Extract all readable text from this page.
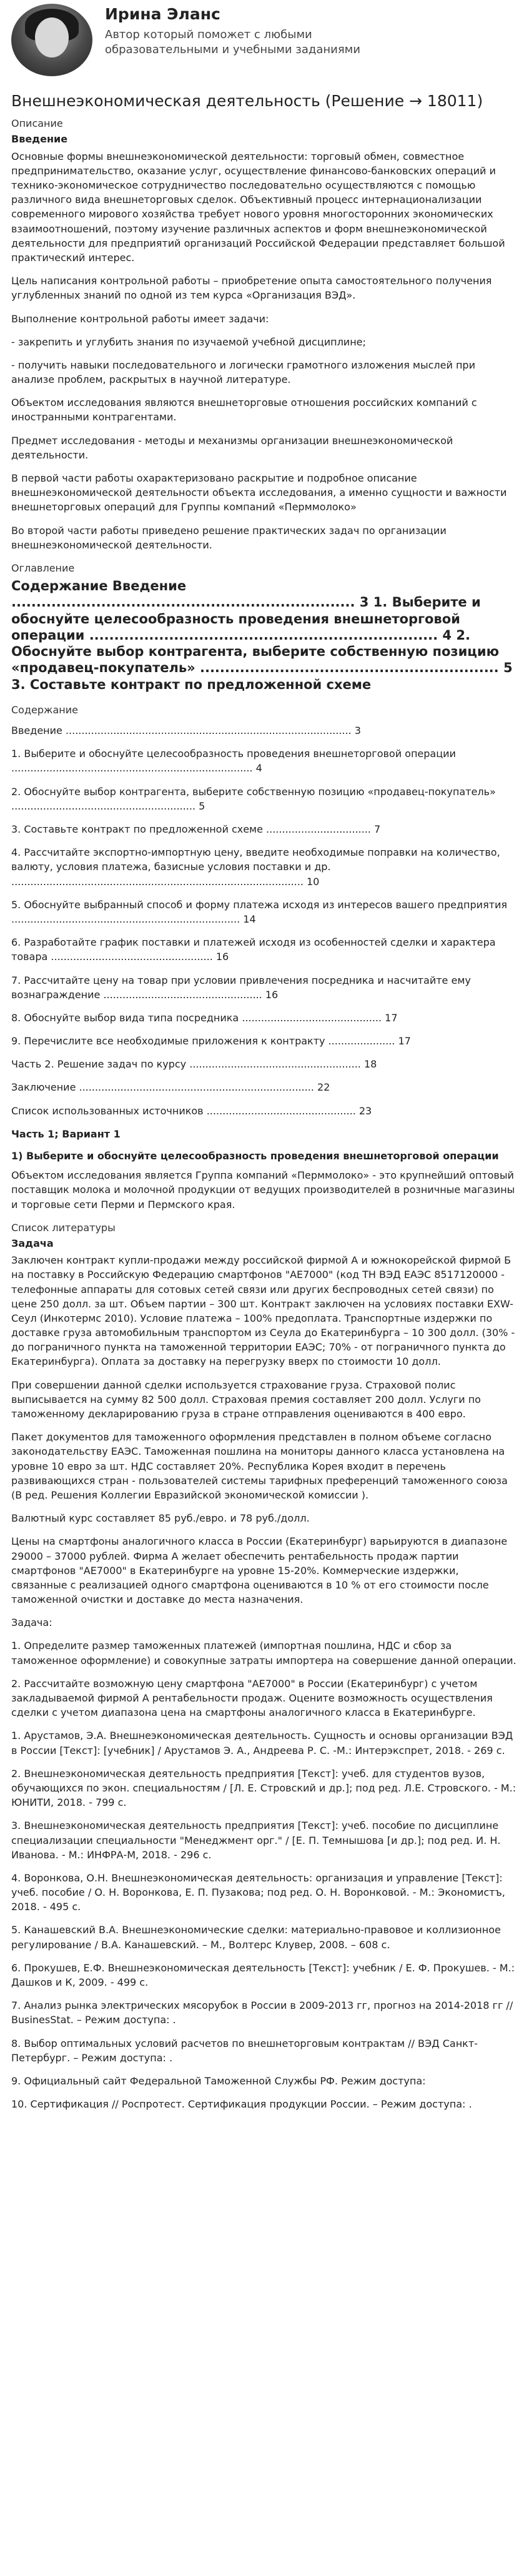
Ирина Эланс
Автор который поможет с любыми образовательными и учебными заданиями
Внешнеэкономическая деятельность (Решение → 18011)
Описание
Введение

Основные формы внешнеэкономической деятельности: торговый обмен, совместное предпринимательство, оказание услуг, осуществление финансово-банковских операций и технико-экономическое сотрудничество последовательно осуществляются с помощью различного вида внешнеторговых сделок. Объективный процесс интернационализации современного мирового хозяйства требует нового уровня многосторонних экономических взаимоотношений, поэтому изучение различных аспектов и форм внешнеэкономической деятельности для предприятий организаций Российской Федерации представляет большой практический интерес.

Цель написания контрольной работы – приобретение опыта самостоятельного получения углубленных знаний по одной из тем курса «Организация ВЭД».

Выполнение контрольной работы имеет задачи:

- закрепить и углубить знания по изучаемой учебной дисциплине;

- получить навыки последовательного и логически грамотного изложения мыслей при анализе проблем, раскрытых в научной литературе.

Объектом исследования являются внешнеторговые отношения российских компаний с иностранными контрагентами.

Предмет исследования - методы и механизмы организации внешнеэкономической деятельности.

В первой части работы охарактеризовано раскрытие и подробное описание внешнеэкономической деятельности объекта исследования, а именно сущности и важности внешнеторговых операций для Группы компаний «Перммолоко»

Во второй части работы приведено решение практических задач по организации внешнеэкономической деятельности.

Оглавление
Содержание Введение ..................................................................... 3 1. Выберите и обоснуйте целесообразность проведения внешнеторговой операции ...................................................................... 4 2. Обоснуйте выбор контрагента, выберите собственную позицию «продавец-покупатель» ............................................................ 5 3. Составьте контракт по предложенной схеме
Содержание

Введение .......................................................................................... 3

1. Выберите и обоснуйте целесообразность проведения внешнеторговой операции ............................................................................ 4

2. Обоснуйте выбор контрагента, выберите собственную позицию «продавец-покупатель» .......................................................... 5

3. Составьте контракт по предложенной схеме ................................. 7

4. Рассчитайте экспортно-импортную цену, введите необходимые поправки на количество, валюту, условия платежа, базисные условия поставки и др. ............................................................................................ 10

5. Обоснуйте выбранный способ и форму платежа исходя из интересов вашего предприятия ........................................................................ 14

6. Разработайте график поставки и платежей исходя из особенностей сделки и характера товара ................................................... 16

7. Рассчитайте цену на товар при условии привлечения посредника и насчитайте ему вознаграждение .................................................. 16

8. Обоснуйте выбор вида типа посредника ............................................ 17

9. Перечислите все необходимые приложения к контракту ..................... 17

Часть 2. Решение задач по курсу ...................................................... 18

Заключение .......................................................................... 22

Список использованных источников ............................................... 23

Часть 1; Вариант 1
1) Выберите и обоснуйте целесообразность проведения внешнеторговой операции

Объектом исследования является Группа компаний «Перммолоко» - это крупнейший оптовый поставщик молока и молочной продукции от ведущих производителей в розничные магазины и торговые сети Перми и Пермского края.

Список литературы
Задача

Заключен контракт купли-продажи между российской фирмой А и южнокорейской фирмой Б на поставку в Российскую Федерацию смартфонов "AE7000" (код ТН ВЭД ЕАЭС 8517120000 - телефонные аппараты для сотовых сетей связи или других беспроводных сетей связи) по цене 250 долл. за шт. Объем партии – 300 шт. Контракт заключен на условиях поставки EXW-Сеул (Инкотермс 2010). Условие платежа – 100% предоплата. Транспортные издержки по доставке груза автомобильным транспортом из Сеула до Екатеринбурга – 10 300 долл. (30% - до пограничного пункта на таможенной территории ЕАЭС; 70% - от пограничного пункта до Екатеринбурга). Оплата за доставку на перегрузку вверх по стоимости 10 долл.

При совершении данной сделки используется страхование груза. Страховой полис выписывается на сумму 82 500 долл. Страховая премия составляет 200 долл. Услуги по таможенному декларированию груза в стране отправления оцениваются в 400 евро.

Пакет документов для таможенного оформления представлен в полном объеме согласно законодательству ЕАЭС. Таможенная пошлина на мониторы данного класса установлена на уровне 10 евро за шт. НДС составляет 20%. Республика Корея входит в перечень развивающихся стран - пользователей системы тарифных преференций таможенного союза (В ред. Решения Коллегии Евразийской экономической комиссии ).

Валютный курс составляет 85 руб./евро. и 78 руб./долл.

Цены на смартфоны аналогичного класса в России (Екатеринбург) варьируются в диапазоне 29000 – 37000 рублей. Фирма А желает обеспечить рентабельность продаж партии смартфонов "AE7000" в Екатеринбурге на уровне 15-20%. Коммерческие издержки, связанные с реализацией одного смартфона оцениваются в 10 % от его стоимости после таможенной очистки и доставке до места назначения.

Задача:

1. Определите размер таможенных платежей (импортная пошлина, НДС и сбор за таможенное оформление) и совокупные затраты импортера на совершение данной операции.

2. Рассчитайте возможную цену смартфона "AE7000" в России (Екатеринбург) с учетом закладываемой фирмой А рентабельности продаж. Оцените возможность осуществления сделки с учетом диапазона цена на смартфоны аналогичного класса в Екатеринбурге.

1. Арустамов, Э.А. Внешнеэкономическая деятельность. Сущность и основы организации ВЭД в России [Текст]: [учебник] / Арустамов Э. А., Андреева Р. С. -М.: Интерэкспрет, 2018. - 269 с.

2. Внешнеэкономическая деятельность предприятия [Текст]: учеб. для студентов вузов, обучающихся по экон. специальностям / [Л. Е. Стровский и др.]; под ред. Л.Е. Стровского. - М.: ЮНИТИ, 2018. - 799 с.

3. Внешнеэкономическая деятельность предприятия [Текст]: учеб. пособие по дисциплине специализации специальности "Менеджмент орг." / [Е. П. Темнышова [и др.]; под ред. И. Н. Иванова. - М.: ИНФРА-М, 2018. - 296 с.

4. Воронкова, О.Н. Внешнеэкономическая деятельность: организация и управление [Текст]: учеб. пособие / О. Н. Воронкова, Е. П. Пузакова; под ред. О. Н. Воронковой. - М.: Экономистъ, 2018. - 495 с.

5. Канашевский В.А. Внешнеэкономические сделки: материально-правовое и коллизионное регулирование / В.А. Канашевский. – М., Волтерс Клувер, 2008. – 608 с.

6. Прокушев, Е.Ф. Внешнеэкономическая деятельность [Текст]: учебник / Е. Ф. Прокушев. - М.: Дашков и К, 2009. - 499 с.

7. Анализ рынка электрических мясорубок в России в 2009-2013 гг, прогноз на 2014-2018 гг // BusinesStat. – Режим доступа: .

8. Выбор оптимальных условий расчетов по внешнеторговым контрактам // ВЭД Санкт-Петербург. – Режим доступа: .

9. Официальный сайт Федеральной Таможенной Службы РФ. Режим доступа:

10. Сертификация // Роспротест. Сертификация продукции России. – Режим доступа: .
